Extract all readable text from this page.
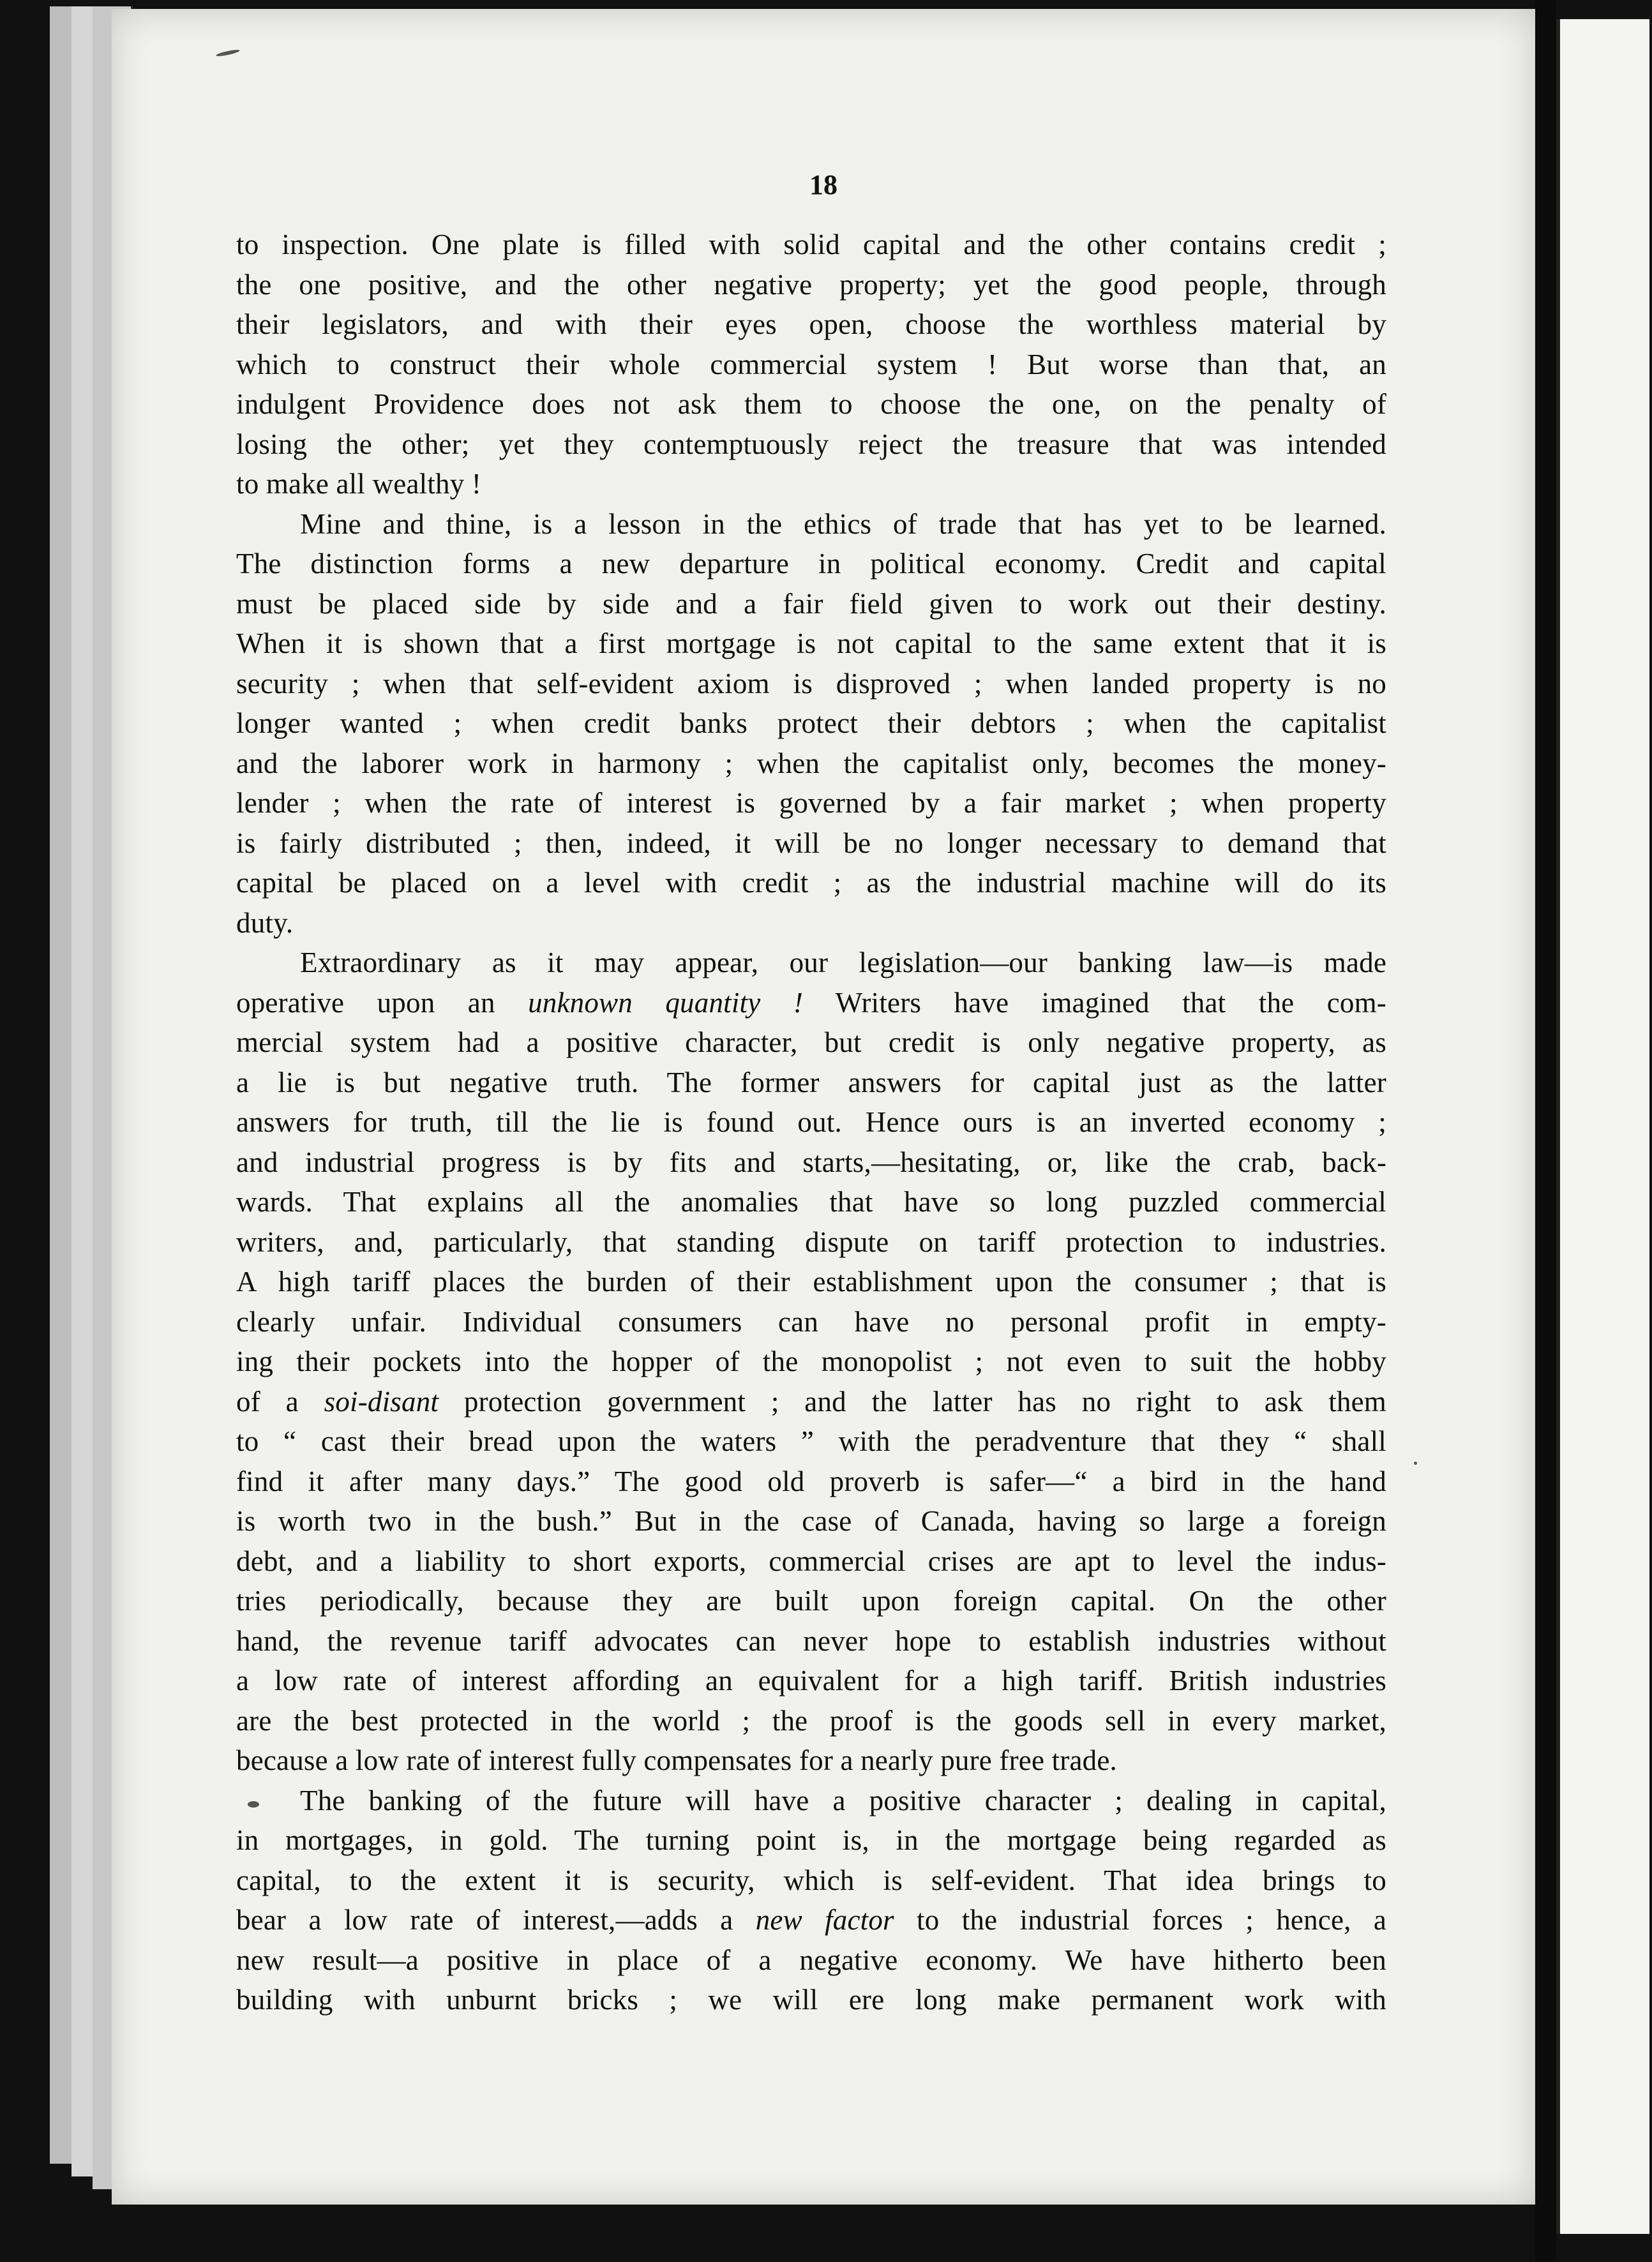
18
to inspection. One plate is filled with solid capital and the other contains credit ;
the one positive, and the other negative property; yet the good people, through
their legislators, and with their eyes open, choose the worthless material by
which to construct their whole commercial system ! But worse than that, an
indulgent Providence does not ask them to choose the one, on the penalty of
losing the other; yet they contemptuously reject the treasure that was intended
to make all wealthy !
Mine and thine, is a lesson in the ethics of trade that has yet to be learned.
The distinction forms a new departure in political economy. Credit and capital
must be placed side by side and a fair field given to work out their destiny.
When it is shown that a first mortgage is not capital to the same extent that it is
security ; when that self-evident axiom is disproved ; when landed property is no
longer wanted ; when credit banks protect their debtors ; when the capitalist
and the laborer work in harmony ; when the capitalist only, becomes the money-
lender ; when the rate of interest is governed by a fair market ; when property
is fairly distributed ; then, indeed, it will be no longer necessary to demand that
capital be placed on a level with credit ; as the industrial machine will do its
duty.
Extraordinary as it may appear, our legislation—our banking law—is made
operative upon an unknown quantity ! Writers have imagined that the com-
mercial system had a positive character, but credit is only negative property, as
a lie is but negative truth. The former answers for capital just as the latter
answers for truth, till the lie is found out. Hence ours is an inverted economy ;
and industrial progress is by fits and starts,—hesitating, or, like the crab, back-
wards. That explains all the anomalies that have so long puzzled commercial
writers, and, particularly, that standing dispute on tariff protection to industries.
A high tariff places the burden of their establishment upon the consumer ; that is
clearly unfair. Individual consumers can have no personal profit in empty-
ing their pockets into the hopper of the monopolist ; not even to suit the hobby
of a soi-disant protection government ; and the latter has no right to ask them
to “ cast their bread upon the waters ” with the peradventure that they “ shall
find it after many days.” The good old proverb is safer—“ a bird in the hand
is worth two in the bush.” But in the case of Canada, having so large a foreign
debt, and a liability to short exports, commercial crises are apt to level the indus-
tries periodically, because they are built upon foreign capital. On the other
hand, the revenue tariff advocates can never hope to establish industries without
a low rate of interest affording an equivalent for a high tariff. British industries
are the best protected in the world ; the proof is the goods sell in every market,
because a low rate of interest fully compensates for a nearly pure free trade.
The banking of the future will have a positive character ; dealing in capital,
in mortgages, in gold. The turning point is, in the mortgage being regarded as
capital, to the extent it is security, which is self-evident. That idea brings to
bear a low rate of interest,—adds a new factor to the industrial forces ; hence, a
new result—a positive in place of a negative economy. We have hitherto been
building with unburnt bricks ; we will ere long make permanent work with
